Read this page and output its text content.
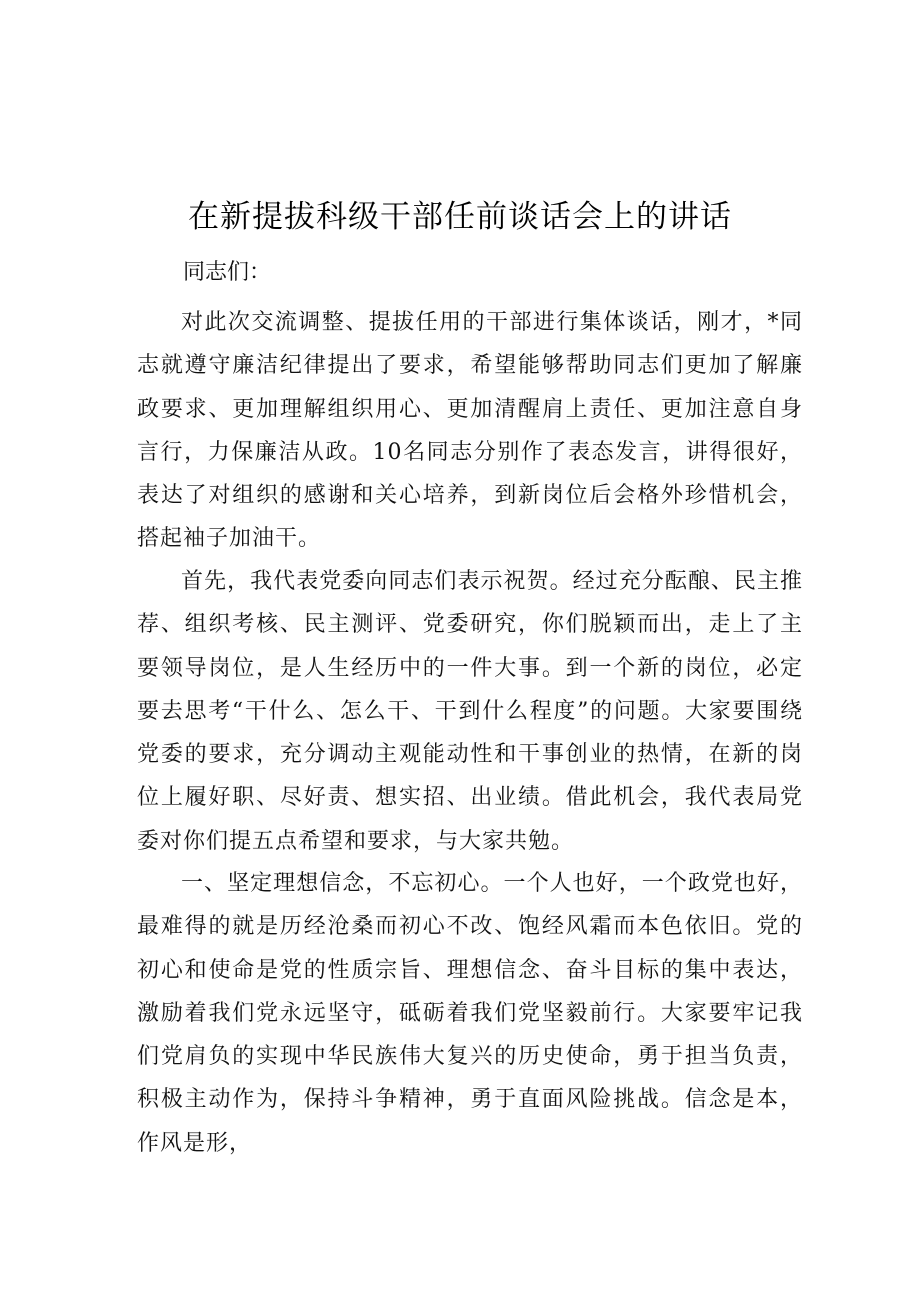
在新提拔科级干部任前谈话会上的讲话

同志们：

对此次交流调整、提拔任用的干部进行集体谈话，刚才，*同志就遵守廉洁纪律提出了要求，希望能够帮助同志们更加了解廉政要求、更加理解组织用心、更加清醒肩上责任、更加注意自身言行，力保廉洁从政。10名同志分别作了表态发言，讲得很好，表达了对组织的感谢和关心培养，到新岗位后会格外珍惜机会，搭起袖子加油干。

首先，我代表党委向同志们表示祝贺。经过充分酝酿、民主推荐、组织考核、民主测评、党委研究，你们脱颖而出，走上了主要领导岗位，是人生经历中的一件大事。到一个新的岗位，必定要去思考“干什么、怎么干、干到什么程度”的问题。大家要围绕党委的要求，充分调动主观能动性和干事创业的热情，在新的岗位上履好职、尽好责、想实招、出业绩。借此机会，我代表局党委对你们提五点希望和要求，与大家共勉。

一、坚定理想信念，不忘初心。一个人也好，一个政党也好，最难得的就是历经沧桑而初心不改、饱经风霜而本色依旧。党的初心和使命是党的性质宗旨、理想信念、奋斗目标的集中表达，激励着我们党永远坚守，砥砺着我们党坚毅前行。大家要牢记我们党肩负的实现中华民族伟大复兴的历史使命，勇于担当负责，积极主动作为，保持斗争精神，勇于直面风险挑战。信念是本，作风是形，
